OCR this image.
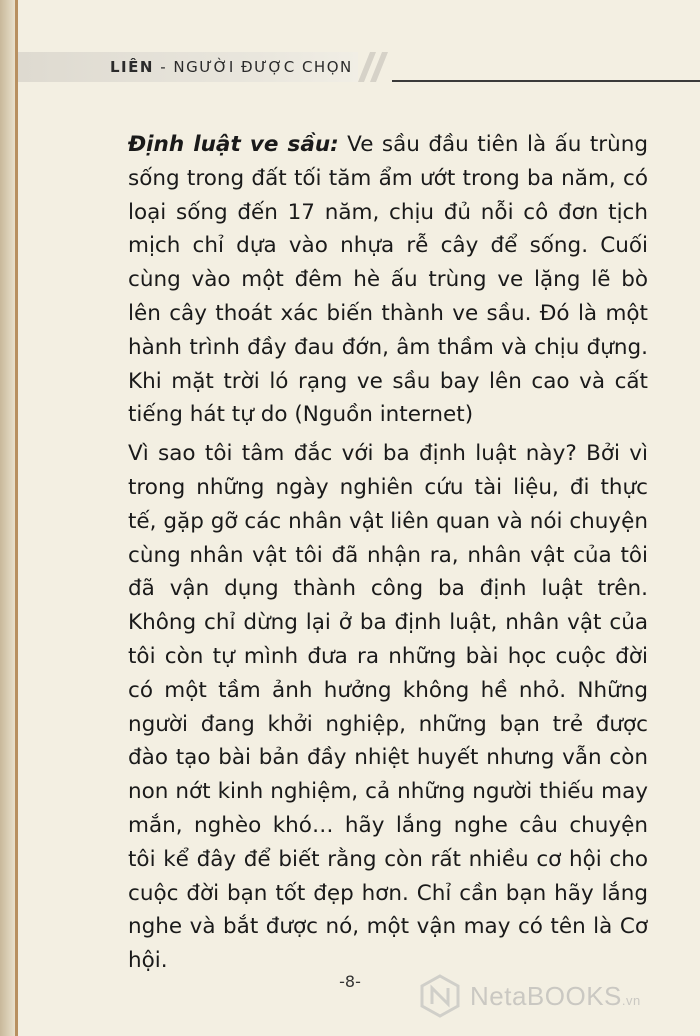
LIÊN - NGƯỜI ĐƯỢC CHỌN

Định luật ve sầu: Ve sầu đầu tiên là ấu trùng sống trong đất tối tăm ẩm ướt trong ba năm, có loại sống đến 17 năm, chịu đủ nỗi cô đơn tịch mịch chỉ dựa vào nhựa rễ cây để sống. Cuối cùng vào một đêm hè ấu trùng ve lặng lẽ bò lên cây thoát xác biến thành ve sầu. Đó là một hành trình đầy đau đớn, âm thầm và chịu đựng. Khi mặt trời ló rạng ve sầu bay lên cao và cất tiếng hát tự do (Nguồn internet)

Vì sao tôi tâm đắc với ba định luật này? Bởi vì trong những ngày nghiên cứu tài liệu, đi thực tế, gặp gỡ các nhân vật liên quan và nói chuyện cùng nhân vật tôi đã nhận ra, nhân vật của tôi đã vận dụng thành công ba định luật trên. Không chỉ dừng lại ở ba định luật, nhân vật của tôi còn tự mình đưa ra những bài học cuộc đời có một tầm ảnh hưởng không hề nhỏ. Những người đang khởi nghiệp, những bạn trẻ được đào tạo bài bản đầy nhiệt huyết nhưng vẫn còn non nớt kinh nghiệm, cả những người thiếu may mắn, nghèo khó… hãy lắng nghe câu chuyện tôi kể đây để biết rằng còn rất nhiều cơ hội cho cuộc đời bạn tốt đẹp hơn. Chỉ cần bạn hãy lắng nghe và bắt được nó, một vận may có tên là Cơ hội.

-8-	NetaBOOKS.vn
